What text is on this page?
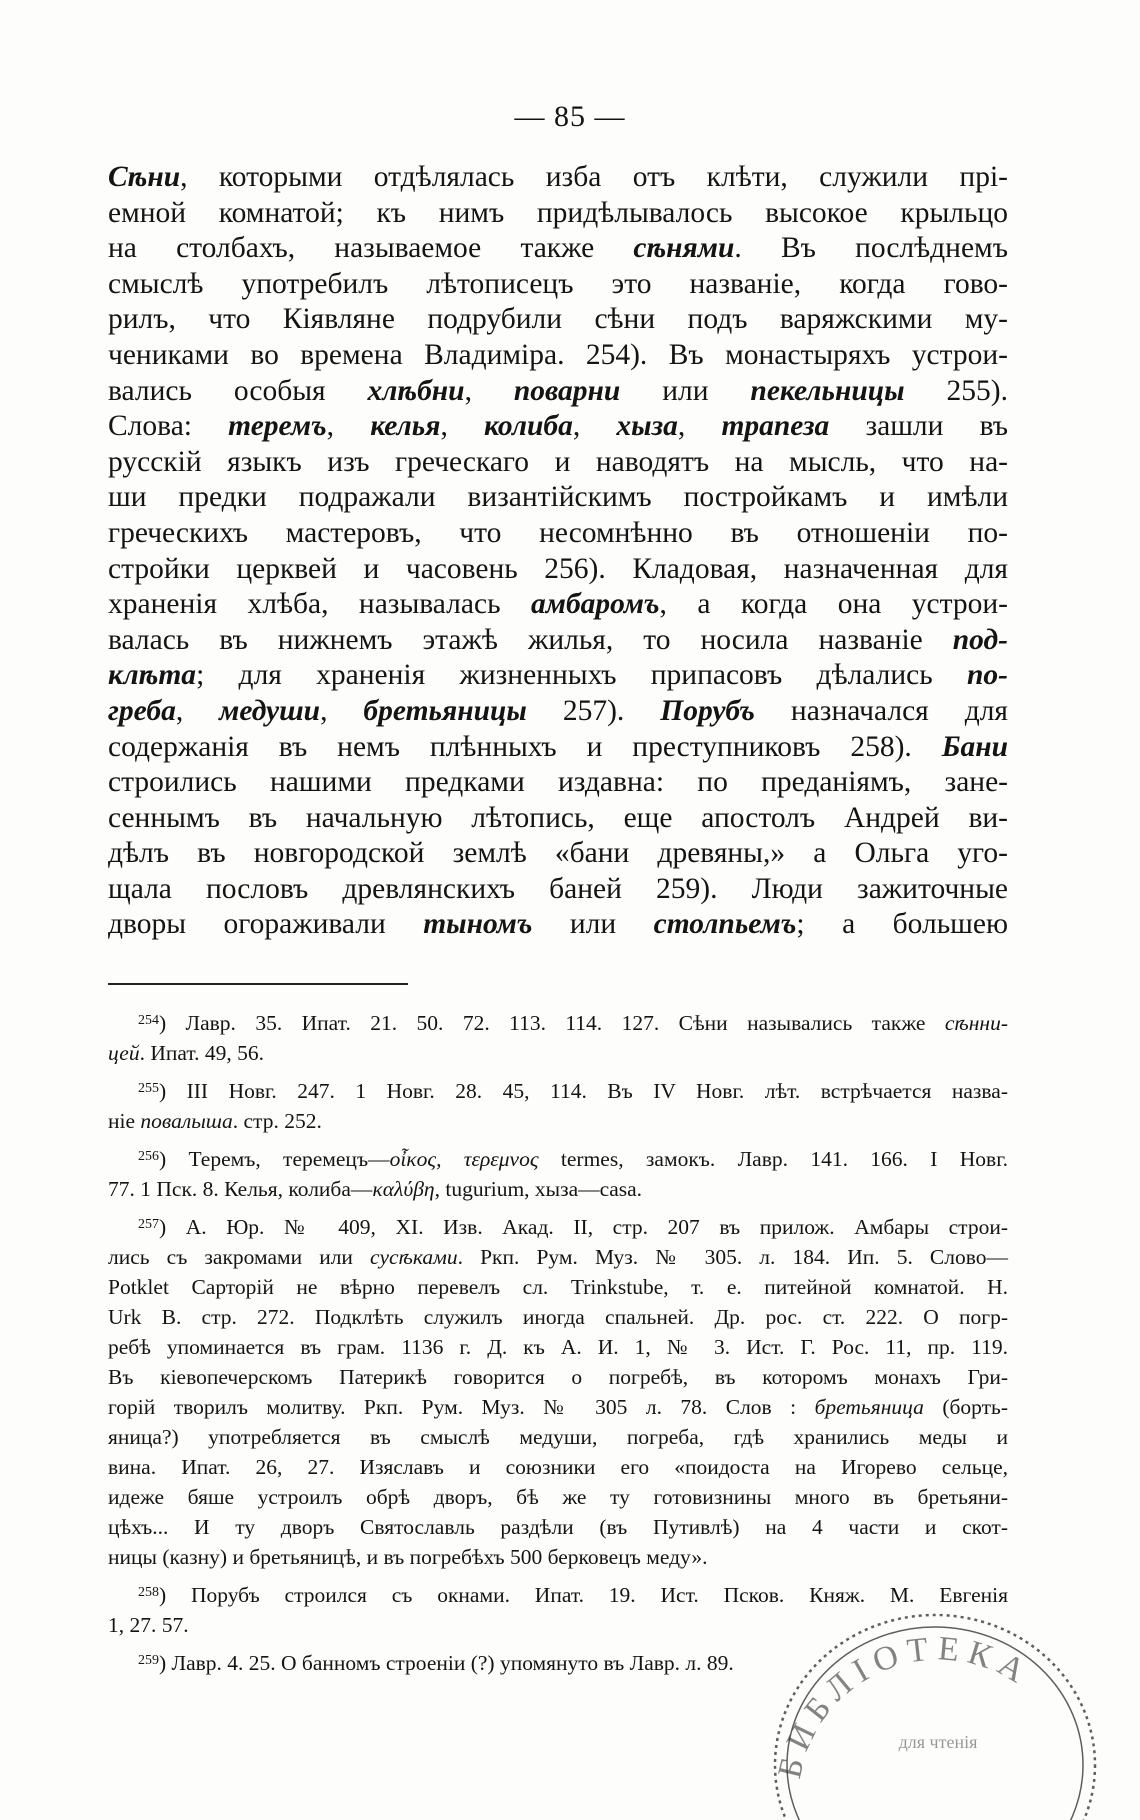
— 85 —
Сѣни, которыми отдѣлялась изба отъ клѣти, служили прі-
емной комнатой; къ нимъ придѣлывалось высокое крыльцо
на столбахъ, называемое также сѣнями. Въ послѣднемъ
смыслѣ употребилъ лѣтописецъ это названіе, когда гово-
рилъ, что Кіявляне подрубили сѣни подъ варяжскими му-
чениками во времена Владиміра. 254). Въ монастыряхъ устрои-
вались особыя хлѣбни, поварни или пекельницы 255).
Слова: теремъ, келья, колиба, хыза, трапеза зашли въ
русскій языкъ изъ греческаго и наводятъ на мысль, что на-
ши предки подражали византійскимъ постройкамъ и имѣли
греческихъ мастеровъ, что несомнѣнно въ отношеніи по-
стройки церквей и часовень 256). Кладовая, назначенная для
храненія хлѣба, называлась амбаромъ, а когда она устрои-
валась въ нижнемъ этажѣ жилья, то носила названіе под-
клѣта; для храненія жизненныхъ припасовъ дѣлались по-
греба, медуши, бретьяницы 257). Порубъ назначался для
содержанія въ немъ плѣнныхъ и преступниковъ 258). Бани
строились нашими предками издавна: по преданіямъ, зане-
сеннымъ въ начальную лѣтопись, еще апостолъ Андрей ви-
дѣлъ въ новгородской землѣ «бани древяны,» а Ольга уго-
щала пословъ древлянскихъ баней 259). Люди зажиточные
дворы огораживали тыномъ или столпьемъ; а большею
$^{254}$) Лавр. 35. Ипат. 21. 50. 72. 113. 114. 127. Сѣни назывались также сѣнни-
цей. Ипат. 49, 56.
$^{255}$) III Новг. 247. 1 Новг. 28. 45, 114. Въ IV Новг. лѣт. встрѣчается назва-
ніе повалыша. стр. 252.
$^{256}$) Теремъ, теремецъ—οἶκος, τερεμνος termes, замокъ. Лавр. 141. 166. I Новг.
77. 1 Пск. 8. Келья, колиба—καλύβη, tugurium, хыза—casa.
$^{257}$) А. Юр. № 409, XI. Изв. Акад. II, стр. 207 въ прилож. Амбары строи-
лись съ закромами или сусѣками. Ркп. Рум. Муз. № 305. л. 184. Ип. 5. Слово—
Potklet Сарторій не вѣрно перевелъ сл. Trinkstube, т. е. питейной комнатой. Н.
Urk В. стр. 272. Подклѣть служилъ иногда спальней. Др. рос. ст. 222. О погр-
ребѣ упоминается въ грам. 1136 г. Д. къ А. И. 1, № 3. Ист. Г. Рос. 11, пр. 119.
Въ кіевопечерскомъ Патерикѣ говорится о погребѣ, въ которомъ монахъ Гри-
горій творилъ молитву. Ркп. Рум. Муз. № 305 л. 78. Слов : бретьяница (борть-
яница?) употребляется въ смыслѣ медуши, погреба, гдѣ хранились меды и
вина. Ипат. 26, 27. Изяславъ и союзники его «поидоста на Игорево сельце,
идеже бяше устроилъ обрѣ дворъ, бѣ же ту готовизнины много въ бретьяни-
цѣхъ... И ту дворъ Святославль раздѣли (въ Путивлѣ) на 4 части и скот-
ницы (казну) и бретьяницѣ, и въ погребѣхъ 500 берковецъ меду».
$^{258}$) Порубъ строился съ окнами. Ипат. 19. Ист. Псков. Княж. М. Евгенія
1, 27. 57.
$^{259}$) Лавр. 4. 25. О банномъ строеніи (?) упомянуто въ Лавр. л. 89.
БИБЛІОТЕКА
для чтенія
